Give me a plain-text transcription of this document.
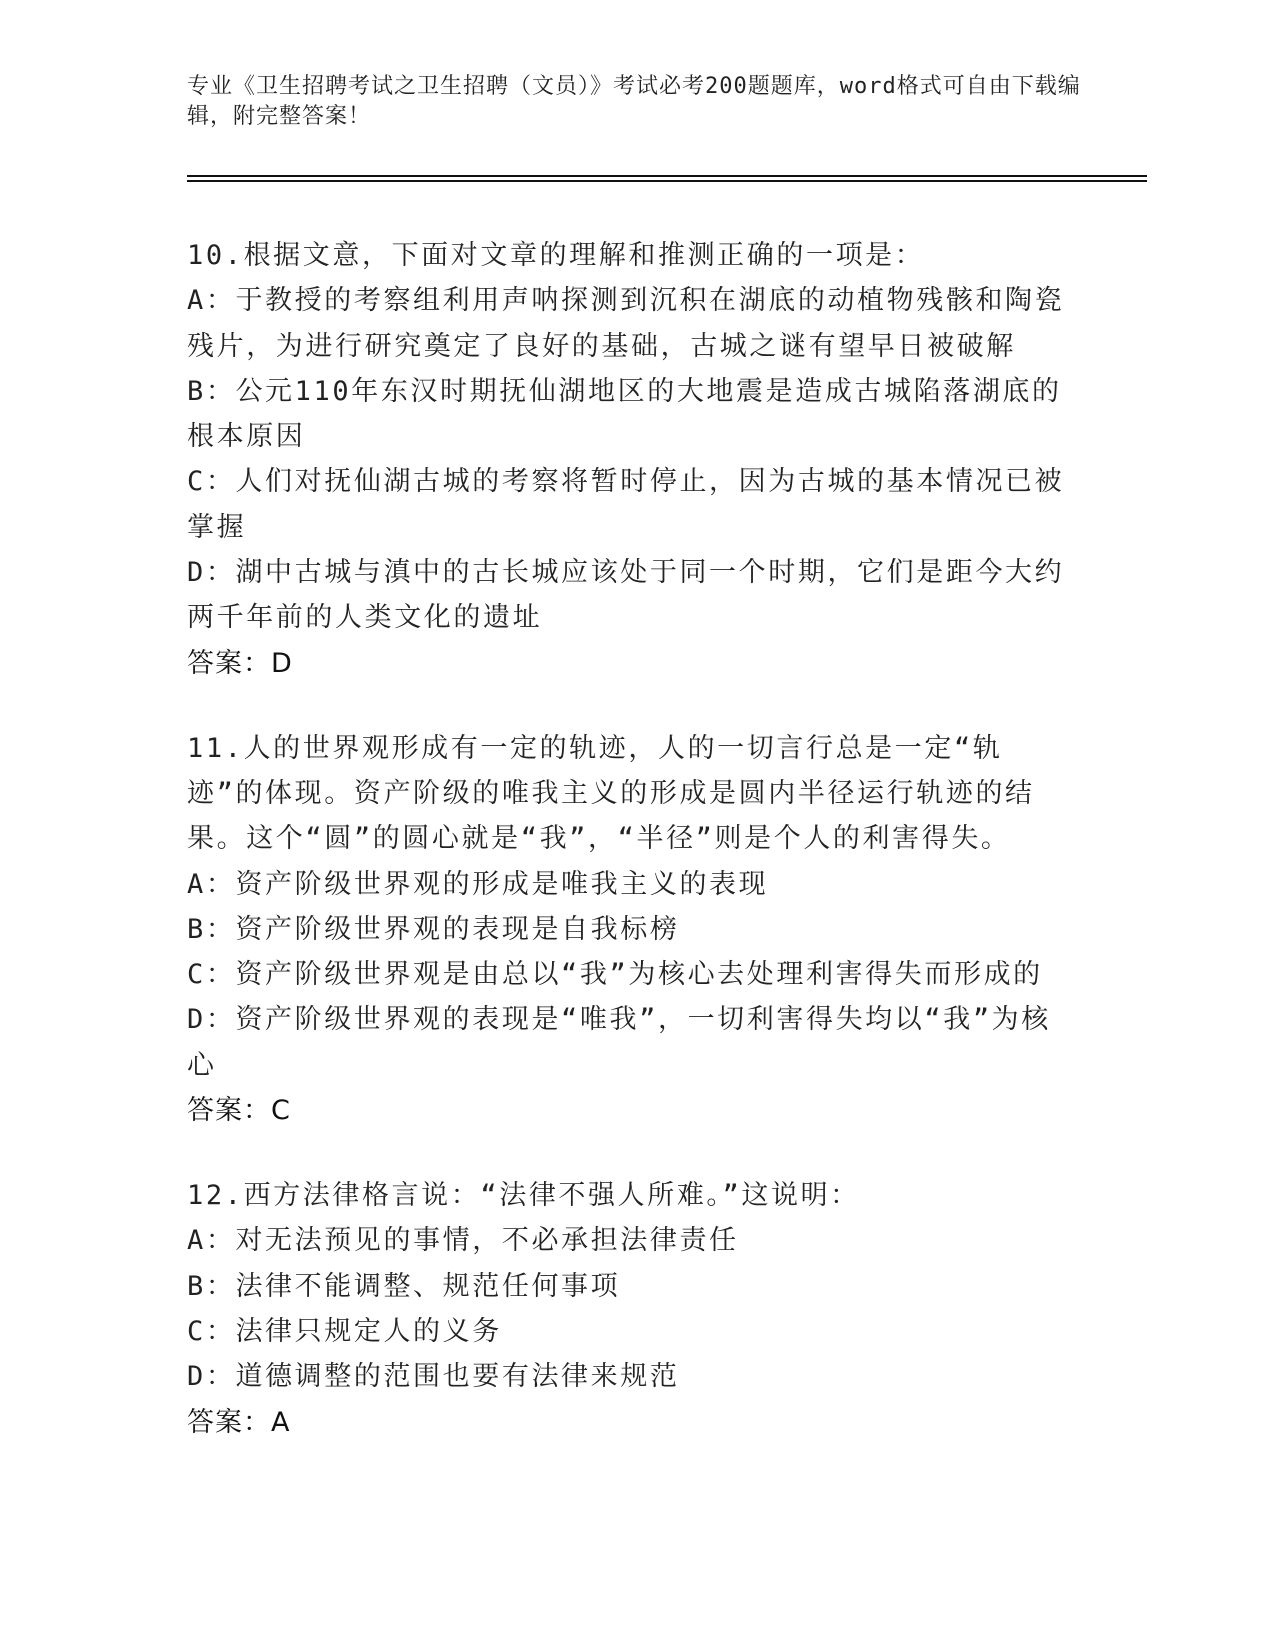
专业《卫生招聘考试之卫生招聘（文员）》考试必考200题题库，word格式可自由下载编辑，附完整答案！
10.根据文意，下面对文章的理解和推测正确的一项是：
A：于教授的考察组利用声呐探测到沉积在湖底的动植物残骸和陶瓷残片，为进行研究奠定了良好的基础，古城之谜有望早日被破解
B：公元110年东汉时期抚仙湖地区的大地震是造成古城陷落湖底的根本原因
C：人们对抚仙湖古城的考察将暂时停止，因为古城的基本情况已被掌握
D：湖中古城与滇中的古长城应该处于同一个时期，它们是距今大约两千年前的人类文化的遗址
答案：D
11.人的世界观形成有一定的轨迹，人的一切言行总是一定“轨迹”的体现。资产阶级的唯我主义的形成是圆内半径运行轨迹的结果。这个“圆”的圆心就是“我”，“半径”则是个人的利害得失。
A：资产阶级世界观的形成是唯我主义的表现
B：资产阶级世界观的表现是自我标榜
C：资产阶级世界观是由总以“我”为核心去处理利害得失而形成的
D：资产阶级世界观的表现是“唯我”，一切利害得失均以“我”为核心
答案：C
12.西方法律格言说：“法律不强人所难。”这说明：
A：对无法预见的事情，不必承担法律责任
B：法律不能调整、规范任何事项
C：法律只规定人的义务
D：道德调整的范围也要有法律来规范
答案：A
